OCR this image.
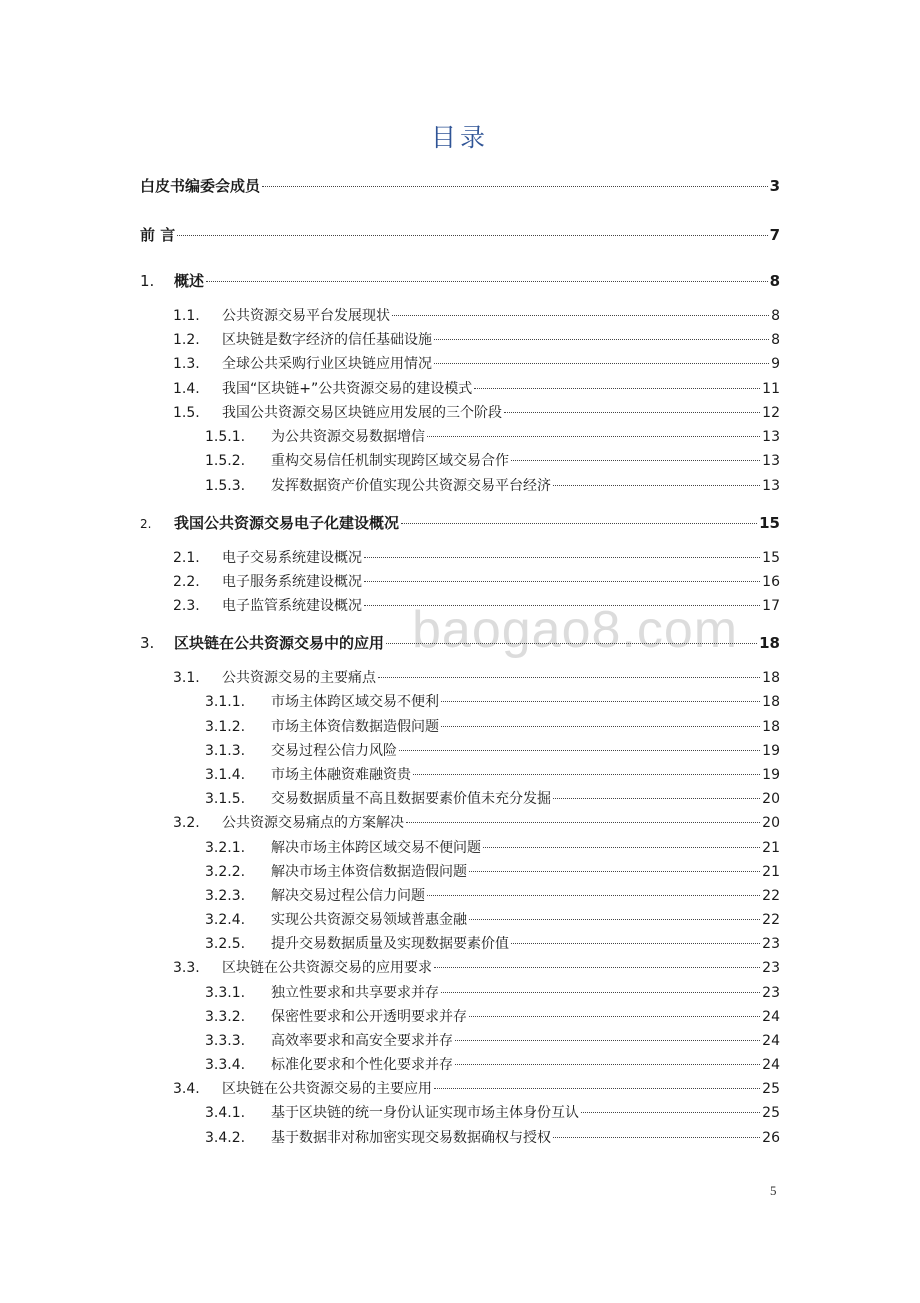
目录
baogao8.com
白皮书编委会成员	3
前 言	7
1.	概述	8
1.1.	公共资源交易平台发展现状	8
1.2.	区块链是数字经济的信任基础设施	8
1.3.	全球公共采购行业区块链应用情况	9
1.4.	我国“区块链+”公共资源交易的建设模式	11
1.5.	我国公共资源交易区块链应用发展的三个阶段	12
1.5.1.	为公共资源交易数据增信	13
1.5.2.	重构交易信任机制实现跨区域交易合作	13
1.5.3.	发挥数据资产价值实现公共资源交易平台经济	13
2.	我国公共资源交易电子化建设概况	15
2.1.	电子交易系统建设概况	15
2.2.	电子服务系统建设概况	16
2.3.	电子监管系统建设概况	17
3.	区块链在公共资源交易中的应用	18
3.1.	公共资源交易的主要痛点	18
3.1.1.	市场主体跨区域交易不便利	18
3.1.2.	市场主体资信数据造假问题	18
3.1.3.	交易过程公信力风险	19
3.1.4.	市场主体融资难融资贵	19
3.1.5.	交易数据质量不高且数据要素价值未充分发掘	20
3.2.	公共资源交易痛点的方案解决	20
3.2.1.	解决市场主体跨区域交易不便问题	21
3.2.2.	解决市场主体资信数据造假问题	21
3.2.3.	解决交易过程公信力问题	22
3.2.4.	实现公共资源交易领域普惠金融	22
3.2.5.	提升交易数据质量及实现数据要素价值	23
3.3.	区块链在公共资源交易的应用要求	23
3.3.1.	独立性要求和共享要求并存	23
3.3.2.	保密性要求和公开透明要求并存	24
3.3.3.	高效率要求和高安全要求并存	24
3.3.4.	标准化要求和个性化要求并存	24
3.4.	区块链在公共资源交易的主要应用	25
3.4.1.	基于区块链的统一身份认证实现市场主体身份互认	25
3.4.2.	基于数据非对称加密实现交易数据确权与授权	26
5
